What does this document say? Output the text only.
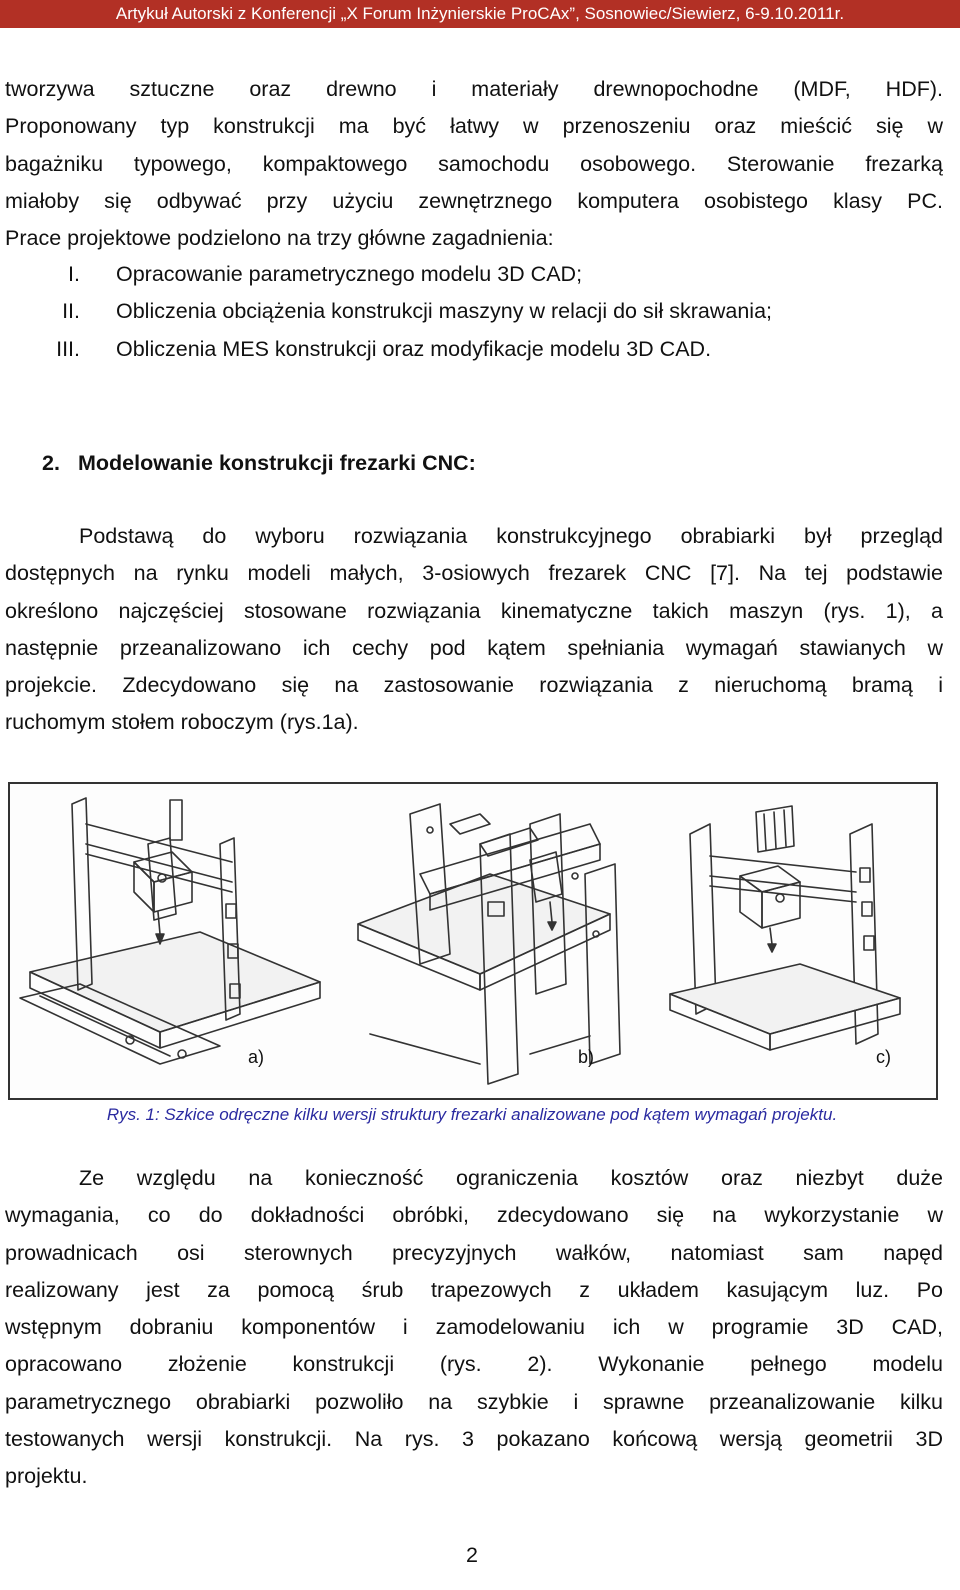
Artykuł Autorski z Konferencji „X Forum Inżynierskie ProCAx”, Sosnowiec/Siewierz, 6-9.10.2011r.
tworzywa sztuczne oraz drewno i materiały drewnopochodne (MDF, HDF).
Proponowany typ konstrukcji ma być łatwy w przenoszeniu oraz mieścić się w
bagażniku typowego, kompaktowego samochodu osobowego. Sterowanie frezarką
miałoby się odbywać przy użyciu zewnętrznego komputera osobistego klasy PC.
Prace projektowe podzielono na trzy główne zagadnienia:
I. Opracowanie parametrycznego modelu 3D CAD;
II. Obliczenia obciążenia konstrukcji maszyny w relacji do sił skrawania;
III. Obliczenia MES konstrukcji oraz modyfikacje modelu 3D CAD.
2. Modelowanie konstrukcji frezarki CNC:
Podstawą do wyboru rozwiązania konstrukcyjnego obrabiarki był przegląd
dostępnych na rynku modeli małych, 3-osiowych frezarek CNC [7]. Na tej podstawie
określono najczęściej stosowane rozwiązania kinematyczne takich maszyn (rys. 1), a
następnie przeanalizowano ich cechy pod kątem spełniania wymagań stawianych w
projekcie. Zdecydowano się na zastosowanie rozwiązania z nieruchomą bramą i
ruchomym stołem roboczym (rys.1a).
a)	b)	c)
Rys. 1: Szkice odręczne kilku wersji struktury frezarki analizowane pod kątem wymagań projektu.
Ze względu na konieczność ograniczenia kosztów oraz niezbyt duże
wymagania, co do dokładności obróbki, zdecydowano się na wykorzystanie w
prowadnicach osi sterownych precyzyjnych wałków, natomiast sam napęd
realizowany jest za pomocą śrub trapezowych z układem kasującym luz. Po
wstępnym dobraniu komponentów i zamodelowaniu ich w programie 3D CAD,
opracowano złożenie konstrukcji (rys. 2). Wykonanie pełnego modelu
parametrycznego obrabiarki pozwoliło na szybkie i sprawne przeanalizowanie kilku
testowanych wersji konstrukcji. Na rys. 3 pokazano końcową wersją geometrii 3D
projektu.
2
